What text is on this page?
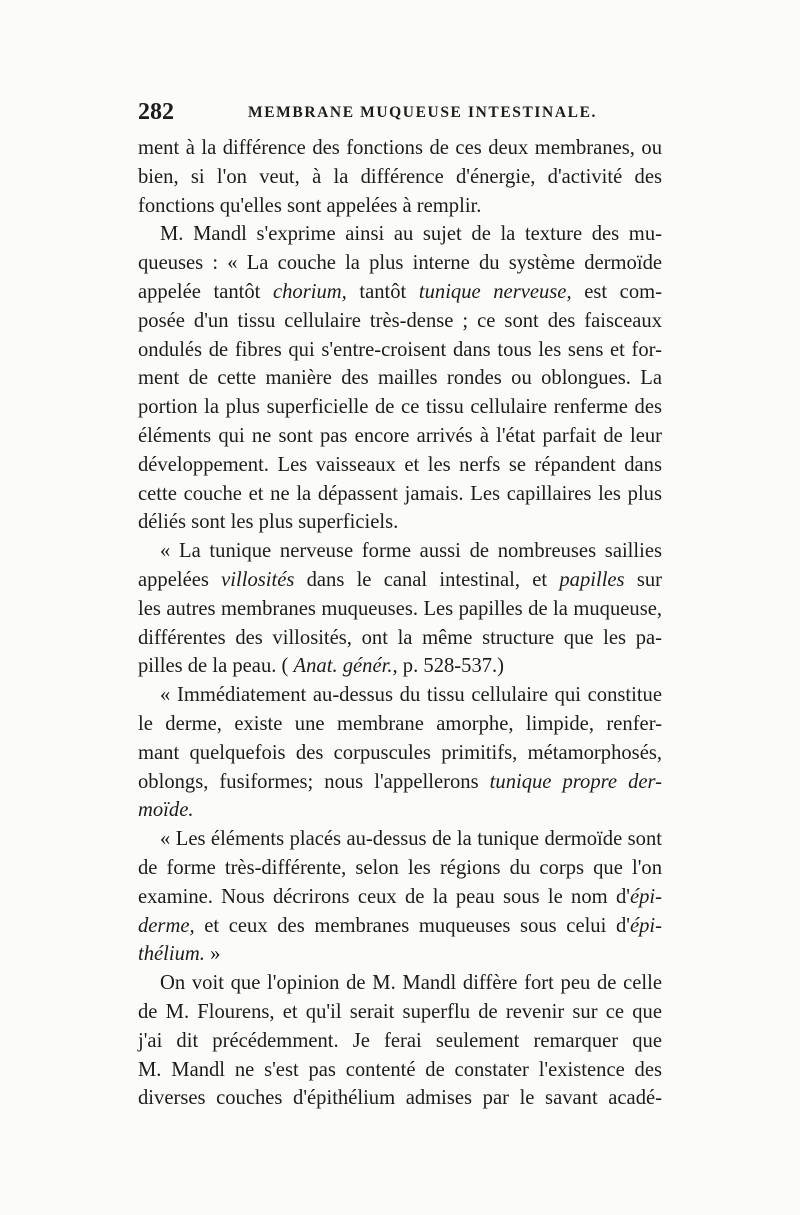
282	MEMBRANE MUQUEUSE INTESTINALE.
ment à la différence des fonctions de ces deux membranes, ou
bien, si l'on veut, à la différence d'énergie, d'activité des
fonctions qu'elles sont appelées à remplir.
M. Mandl s'exprime ainsi au sujet de la texture des mu-
queuses : « La couche la plus interne du système dermoïde
appelée tantôt chorium, tantôt tunique nerveuse, est com-
posée d'un tissu cellulaire très-dense ; ce sont des faisceaux
ondulés de fibres qui s'entre-croisent dans tous les sens et for-
ment de cette manière des mailles rondes ou oblongues. La
portion la plus superficielle de ce tissu cellulaire renferme des
éléments qui ne sont pas encore arrivés à l'état parfait de leur
développement. Les vaisseaux et les nerfs se répandent dans
cette couche et ne la dépassent jamais. Les capillaires les plus
déliés sont les plus superficiels.
« La tunique nerveuse forme aussi de nombreuses saillies
appelées villosités dans le canal intestinal, et papilles sur
les autres membranes muqueuses. Les papilles de la muqueuse,
différentes des villosités, ont la même structure que les pa-
pilles de la peau. ( Anat. génér., p. 528-537.)
« Immédiatement au-dessus du tissu cellulaire qui constitue
le derme, existe une membrane amorphe, limpide, renfer-
mant quelquefois des corpuscules primitifs, métamorphosés,
oblongs, fusiformes; nous l'appellerons tunique propre der-
moïde.
« Les éléments placés au-dessus de la tunique dermoïde sont
de forme très-différente, selon les régions du corps que l'on
examine. Nous décrirons ceux de la peau sous le nom d'épi-
derme, et ceux des membranes muqueuses sous celui d'épi-
thélium. »
On voit que l'opinion de M. Mandl diffère fort peu de celle
de M. Flourens, et qu'il serait superflu de revenir sur ce que
j'ai dit précédemment. Je ferai seulement remarquer que
M. Mandl ne s'est pas contenté de constater l'existence des
diverses couches d'épithélium admises par le savant acadé-
